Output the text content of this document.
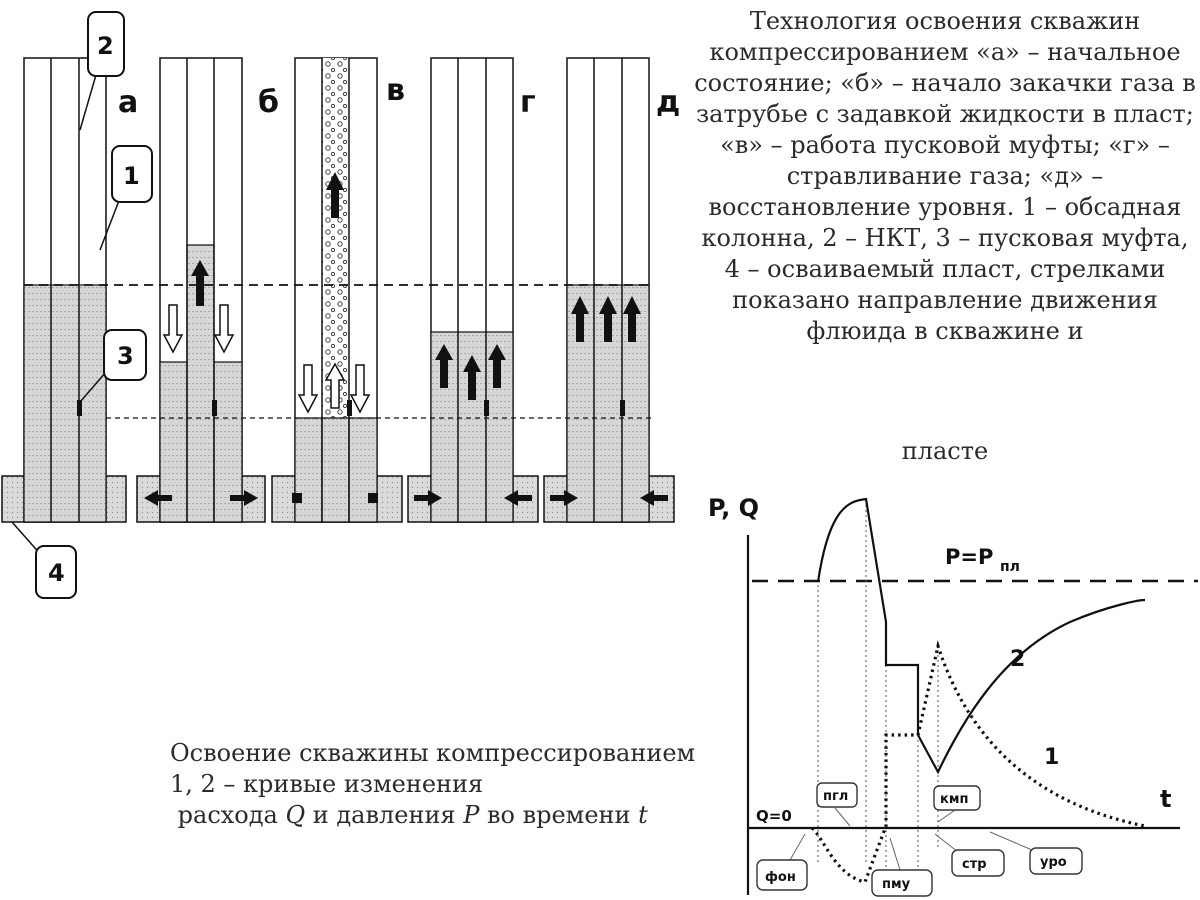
а	б	в	г	д
2
1
3
4
P, Q
t
P=P пл
2
1
Q=0
пгл	кмп
фон	пму
стр	уро
Технология освоения скважин компрессированием «а» – начальное состояние; «б» – начало закачки газа в затрубье с задавкой жидкости в пласт; «в» – работа пусковой муфты; «г» – стравливание газа; «д» – восстановление уровня. 1 – обсадная колонна, 2 – НКТ, 3 – пусковая муфта, 4 – осваиваемый пласт, стрелками показано направление движения флюида в скважине и
пласте
Освоение скважины компрессированием
1, 2 – кривые изменения
расхода Q и давления P во времени t
